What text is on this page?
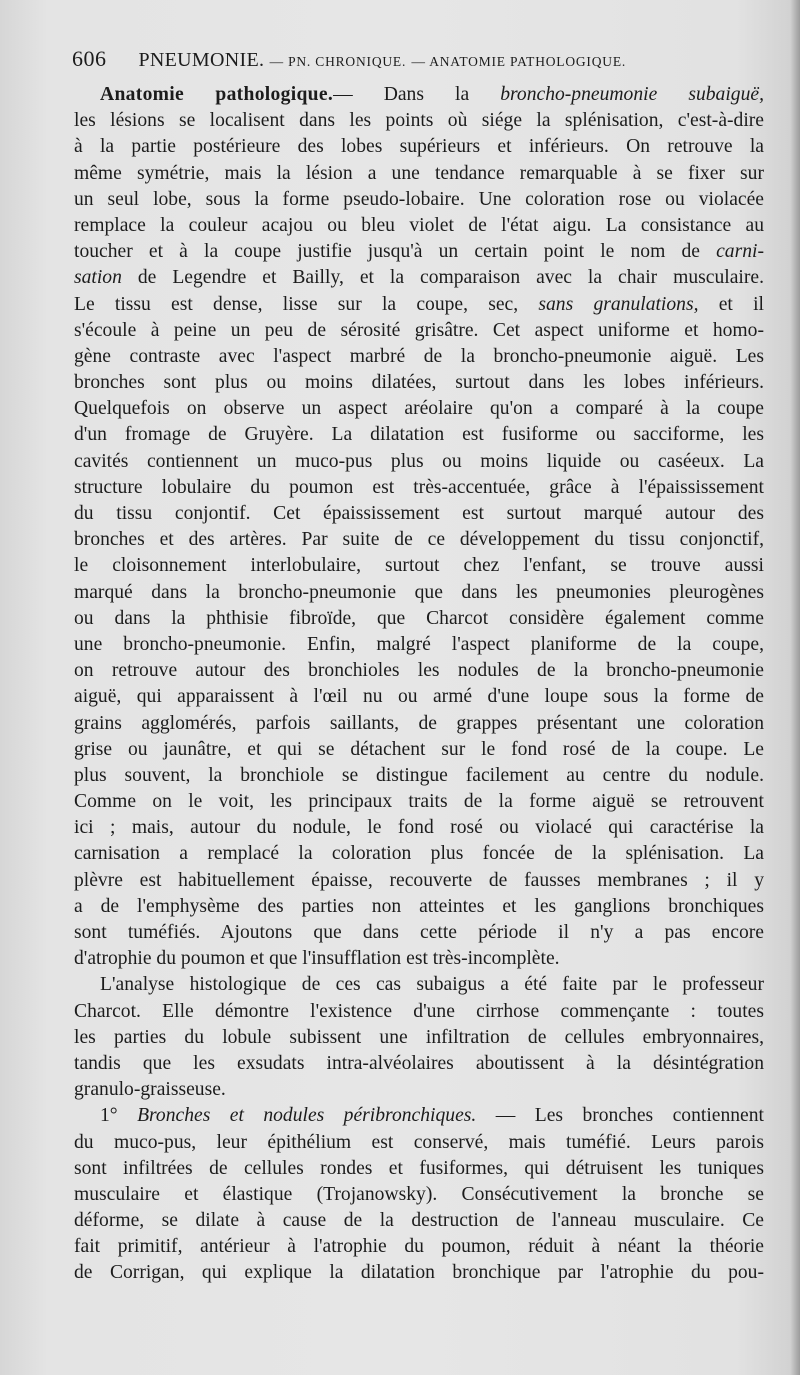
606 PNEUMONIE. — PN. CHRONIQUE. — ANATOMIE PATHOLOGIQUE.
Anatomie pathologique.— Dans la broncho-pneumonie subaiguë,
les lésions se localisent dans les points où siége la splénisation, c'est-à-dire
à la partie postérieure des lobes supérieurs et inférieurs. On retrouve la
même symétrie, mais la lésion a une tendance remarquable à se fixer sur
un seul lobe, sous la forme pseudo-lobaire. Une coloration rose ou violacée
remplace la couleur acajou ou bleu violet de l'état aigu. La consistance au
toucher et à la coupe justifie jusqu'à un certain point le nom de carni-
sation de Legendre et Bailly, et la comparaison avec la chair musculaire.
Le tissu est dense, lisse sur la coupe, sec, sans granulations, et il
s'écoule à peine un peu de sérosité grisâtre. Cet aspect uniforme et homo-
gène contraste avec l'aspect marbré de la broncho-pneumonie aiguë. Les
bronches sont plus ou moins dilatées, surtout dans les lobes inférieurs.
Quelquefois on observe un aspect aréolaire qu'on a comparé à la coupe
d'un fromage de Gruyère. La dilatation est fusiforme ou sacciforme, les
cavités contiennent un muco-pus plus ou moins liquide ou caséeux. La
structure lobulaire du poumon est très-accentuée, grâce à l'épaississement
du tissu conjontif. Cet épaississement est surtout marqué autour des
bronches et des artères. Par suite de ce développement du tissu conjonctif,
le cloisonnement interlobulaire, surtout chez l'enfant, se trouve aussi
marqué dans la broncho-pneumonie que dans les pneumonies pleurogènes
ou dans la phthisie fibroïde, que Charcot considère également comme
une broncho-pneumonie. Enfin, malgré l'aspect planiforme de la coupe,
on retrouve autour des bronchioles les nodules de la broncho-pneumonie
aiguë, qui apparaissent à l'œil nu ou armé d'une loupe sous la forme de
grains agglomérés, parfois saillants, de grappes présentant une coloration
grise ou jaunâtre, et qui se détachent sur le fond rosé de la coupe. Le
plus souvent, la bronchiole se distingue facilement au centre du nodule.
Comme on le voit, les principaux traits de la forme aiguë se retrouvent
ici ; mais, autour du nodule, le fond rosé ou violacé qui caractérise la
carnisation a remplacé la coloration plus foncée de la splénisation. La
plèvre est habituellement épaisse, recouverte de fausses membranes ; il y
a de l'emphysème des parties non atteintes et les ganglions bronchiques
sont tuméfiés. Ajoutons que dans cette période il n'y a pas encore
d'atrophie du poumon et que l'insufflation est très-incomplète.
L'analyse histologique de ces cas subaigus a été faite par le professeur
Charcot. Elle démontre l'existence d'une cirrhose commençante : toutes
les parties du lobule subissent une infiltration de cellules embryonnaires,
tandis que les exsudats intra-alvéolaires aboutissent à la désintégration
granulo-graisseuse.
1° Bronches et nodules péribronchiques. — Les bronches contiennent
du muco-pus, leur épithélium est conservé, mais tuméfié. Leurs parois
sont infiltrées de cellules rondes et fusiformes, qui détruisent les tuniques
musculaire et élastique (Trojanowsky). Consécutivement la bronche se
déforme, se dilate à cause de la destruction de l'anneau musculaire. Ce
fait primitif, antérieur à l'atrophie du poumon, réduit à néant la théorie
de Corrigan, qui explique la dilatation bronchique par l'atrophie du pou-
